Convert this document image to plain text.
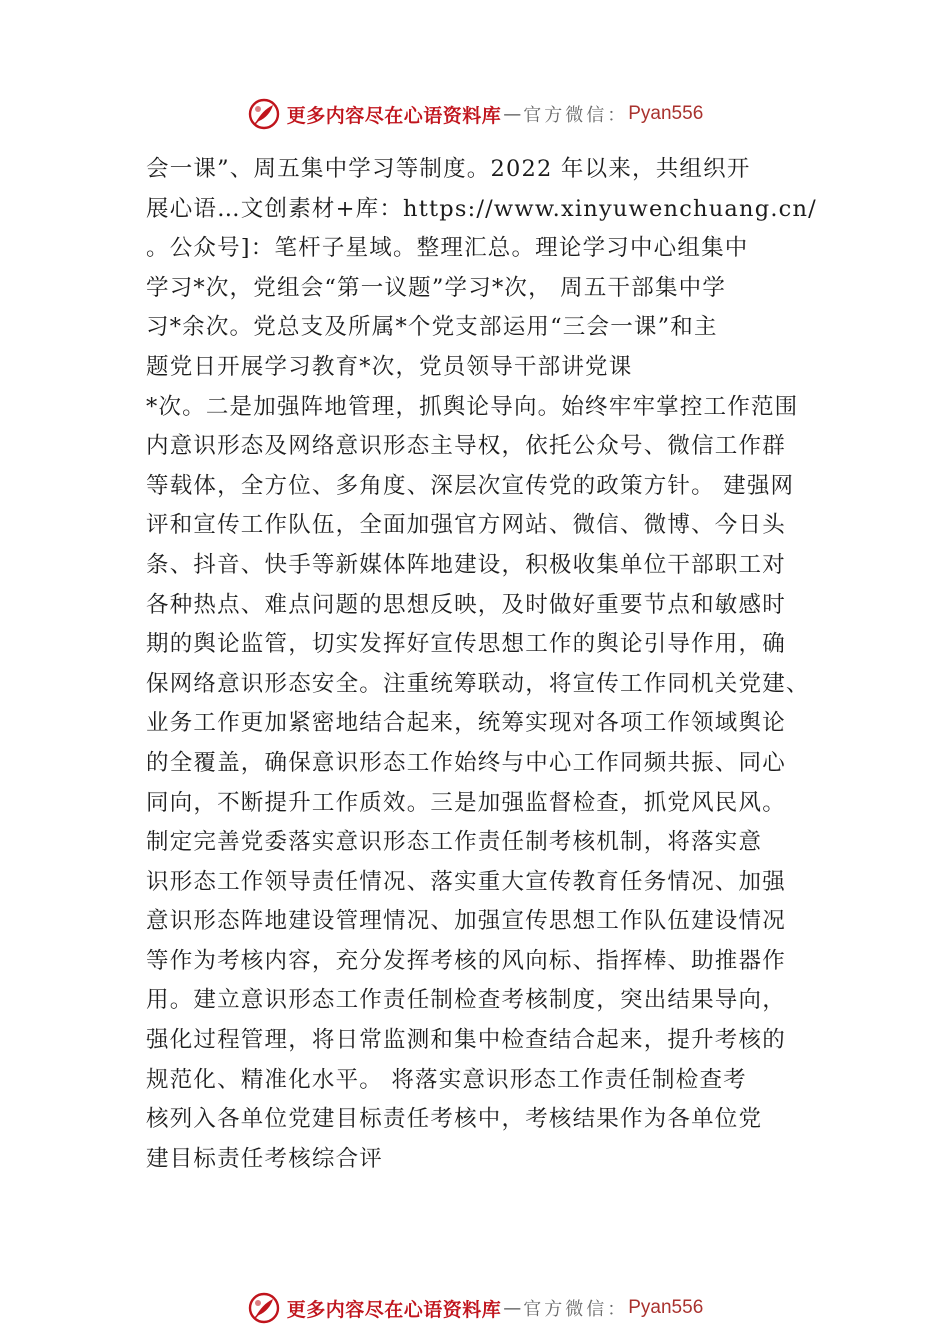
更多内容尽在心语资料库 — 官方微信： Pyan556
会一课”、周五集中学习等制度。2022 年以来，共组织开
展心语…文创素材+库：https://www.xinyuwenchuang.cn/
。公众号]：笔杆子星域。整理汇总。理论学习中心组集中
学习*次，党组会“第一议题”学习*次， 周五干部集中学
习*余次。党总支及所属*个党支部运用“三会一课”和主
题党日开展学习教育*次，党员领导干部讲党课
*次。二是加强阵地管理，抓舆论导向。始终牢牢掌控工作范围
内意识形态及网络意识形态主导权，依托公众号、微信工作群
等载体，全方位、多角度、深层次宣传党的政策方针。 建强网
评和宣传工作队伍，全面加强官方网站、微信、微博、今日头
条、抖音、快手等新媒体阵地建设，积极收集单位干部职工对
各种热点、难点问题的思想反映，及时做好重要节点和敏感时
期的舆论监管，切实发挥好宣传思想工作的舆论引导作用，确
保网络意识形态安全。注重统筹联动，将宣传工作同机关党建、
业务工作更加紧密地结合起来，统筹实现对各项工作领域舆论
的全覆盖，确保意识形态工作始终与中心工作同频共振、同心
同向，不断提升工作质效。三是加强监督检查，抓党风民风。
制定完善党委落实意识形态工作责任制考核机制，将落实意
识形态工作领导责任情况、落实重大宣传教育任务情况、加强
意识形态阵地建设管理情况、加强宣传思想工作队伍建设情况
等作为考核内容，充分发挥考核的风向标、指挥棒、助推器作
用。建立意识形态工作责任制检查考核制度，突出结果导向，
强化过程管理，将日常监测和集中检查结合起来，提升考核的
规范化、精准化水平。 将落实意识形态工作责任制检查考
核列入各单位党建目标责任考核中，考核结果作为各单位党
建目标责任考核综合评
更多内容尽在心语资料库 — 官方微信： Pyan556
